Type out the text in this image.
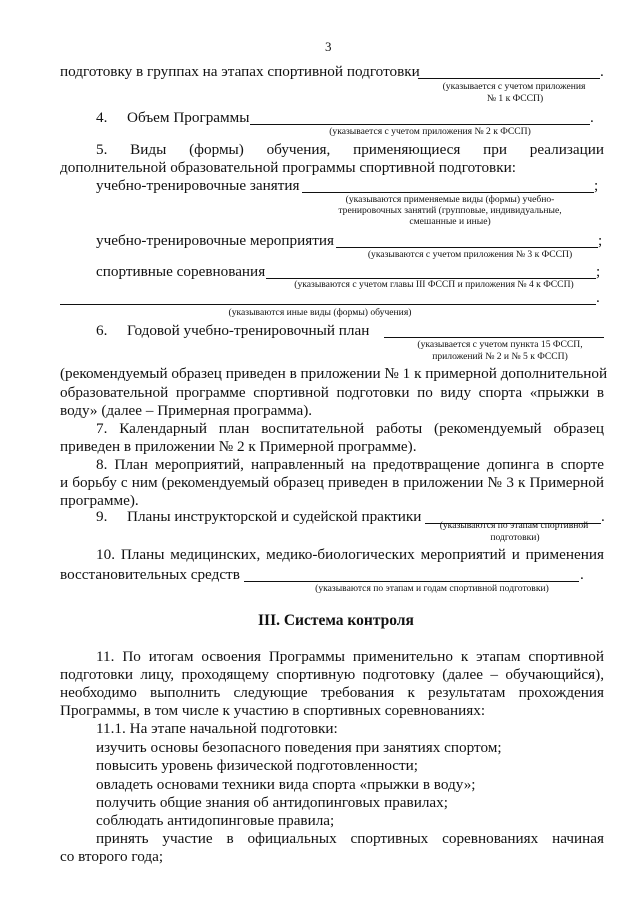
3
подготовку в группах на этапах спортивной подготовки	.
(указывается с учетом приложения
№ 1 к ФССП)
4. Объем Программы	.
(указывается с учетом приложения № 2 к ФССП)
5. Виды (формы) обучения, применяющиеся при реализации
дополнительной образовательной программы спортивной подготовки:
учебно-тренировочные занятия	;
(указываются применяемые виды (формы) учебно-
тренировочных занятий (групповые, индивидуальные,
смешанные и иные)
учебно-тренировочные мероприятия	;
(указываются с учетом приложения № 3 к ФССП)
спортивные соревнования	;
(указываются с учетом главы III ФССП и приложения № 4 к ФССП)
.
(указываются иные виды (формы) обучения)
6. Годовой учебно-тренировочный план
(указывается с учетом пункта 15 ФССП,
приложений № 2 и № 5 к ФССП)
(рекомендуемый образец приведен в приложении № 1 к примерной дополнительной
образовательной программе спортивной подготовки по виду спорта «прыжки в
воду» (далее – Примерная программа).
7. Календарный план воспитательной работы (рекомендуемый образец
приведен в приложении № 2 к Примерной программе).
8. План мероприятий, направленный на предотвращение допинга в спорте
и борьбу с ним (рекомендуемый образец приведен в приложении № 3 к Примерной
программе).
9. Планы инструкторской и судейской практики	.
(указываются по этапам спортивной
подготовки)
10. Планы медицинских, медико-биологических мероприятий и применения
восстановительных средств	.
(указываются по этапам и годам спортивной подготовки)
III. Система контроля
11. По итогам освоения Программы применительно к этапам спортивной
подготовки лицу, проходящему спортивную подготовку (далее – обучающийся),
необходимо выполнить следующие требования к результатам прохождения
Программы, в том числе к участию в спортивных соревнованиях:
11.1. На этапе начальной подготовки:
изучить основы безопасного поведения при занятиях спортом;
повысить уровень физической подготовленности;
овладеть основами техники вида спорта «прыжки в воду»;
получить общие знания об антидопинговых правилах;
соблюдать антидопинговые правила;
принять участие в официальных спортивных соревнованиях начиная
со второго года;
